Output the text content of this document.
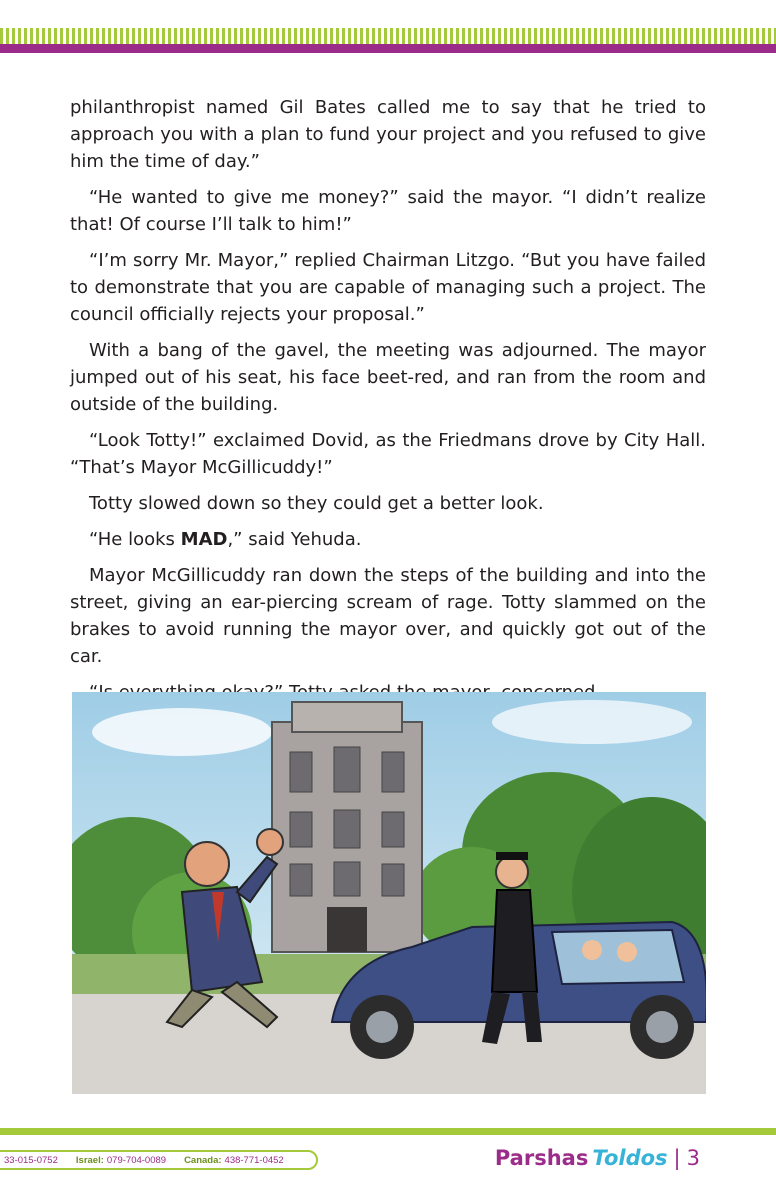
philanthropist named Gil Bates called me to say that he tried to approach you with a plan to fund your project and you refused to give him the time of day.”

“He wanted to give me money?” said the mayor. “I didn’t realize that! Of course I’ll talk to him!”

“I’m sorry Mr. Mayor,” replied Chairman Litzgo. “But you have failed to demonstrate that you are capable of managing such a project. The council officially rejects your proposal.”

With a bang of the gavel, the meeting was adjourned. The mayor jumped out of his seat, his face beet-red, and ran from the room and outside of the building.

“Look Totty!” exclaimed Dovid, as the Friedmans drove by City Hall. “That’s Mayor McGillicuddy!”

Totty slowed down so they could get a better look.

“He looks MAD,” said Yehuda.

Mayor McGillicuddy ran down the steps of the building and into the street, giving an ear-piercing scream of rage. Totty slammed on the brakes to avoid running the mayor over, and quickly got out of the car.

33-015-0752 Israel: 079-704-0089 Canada: 438-771-0452	Parshas Toldos | 3
